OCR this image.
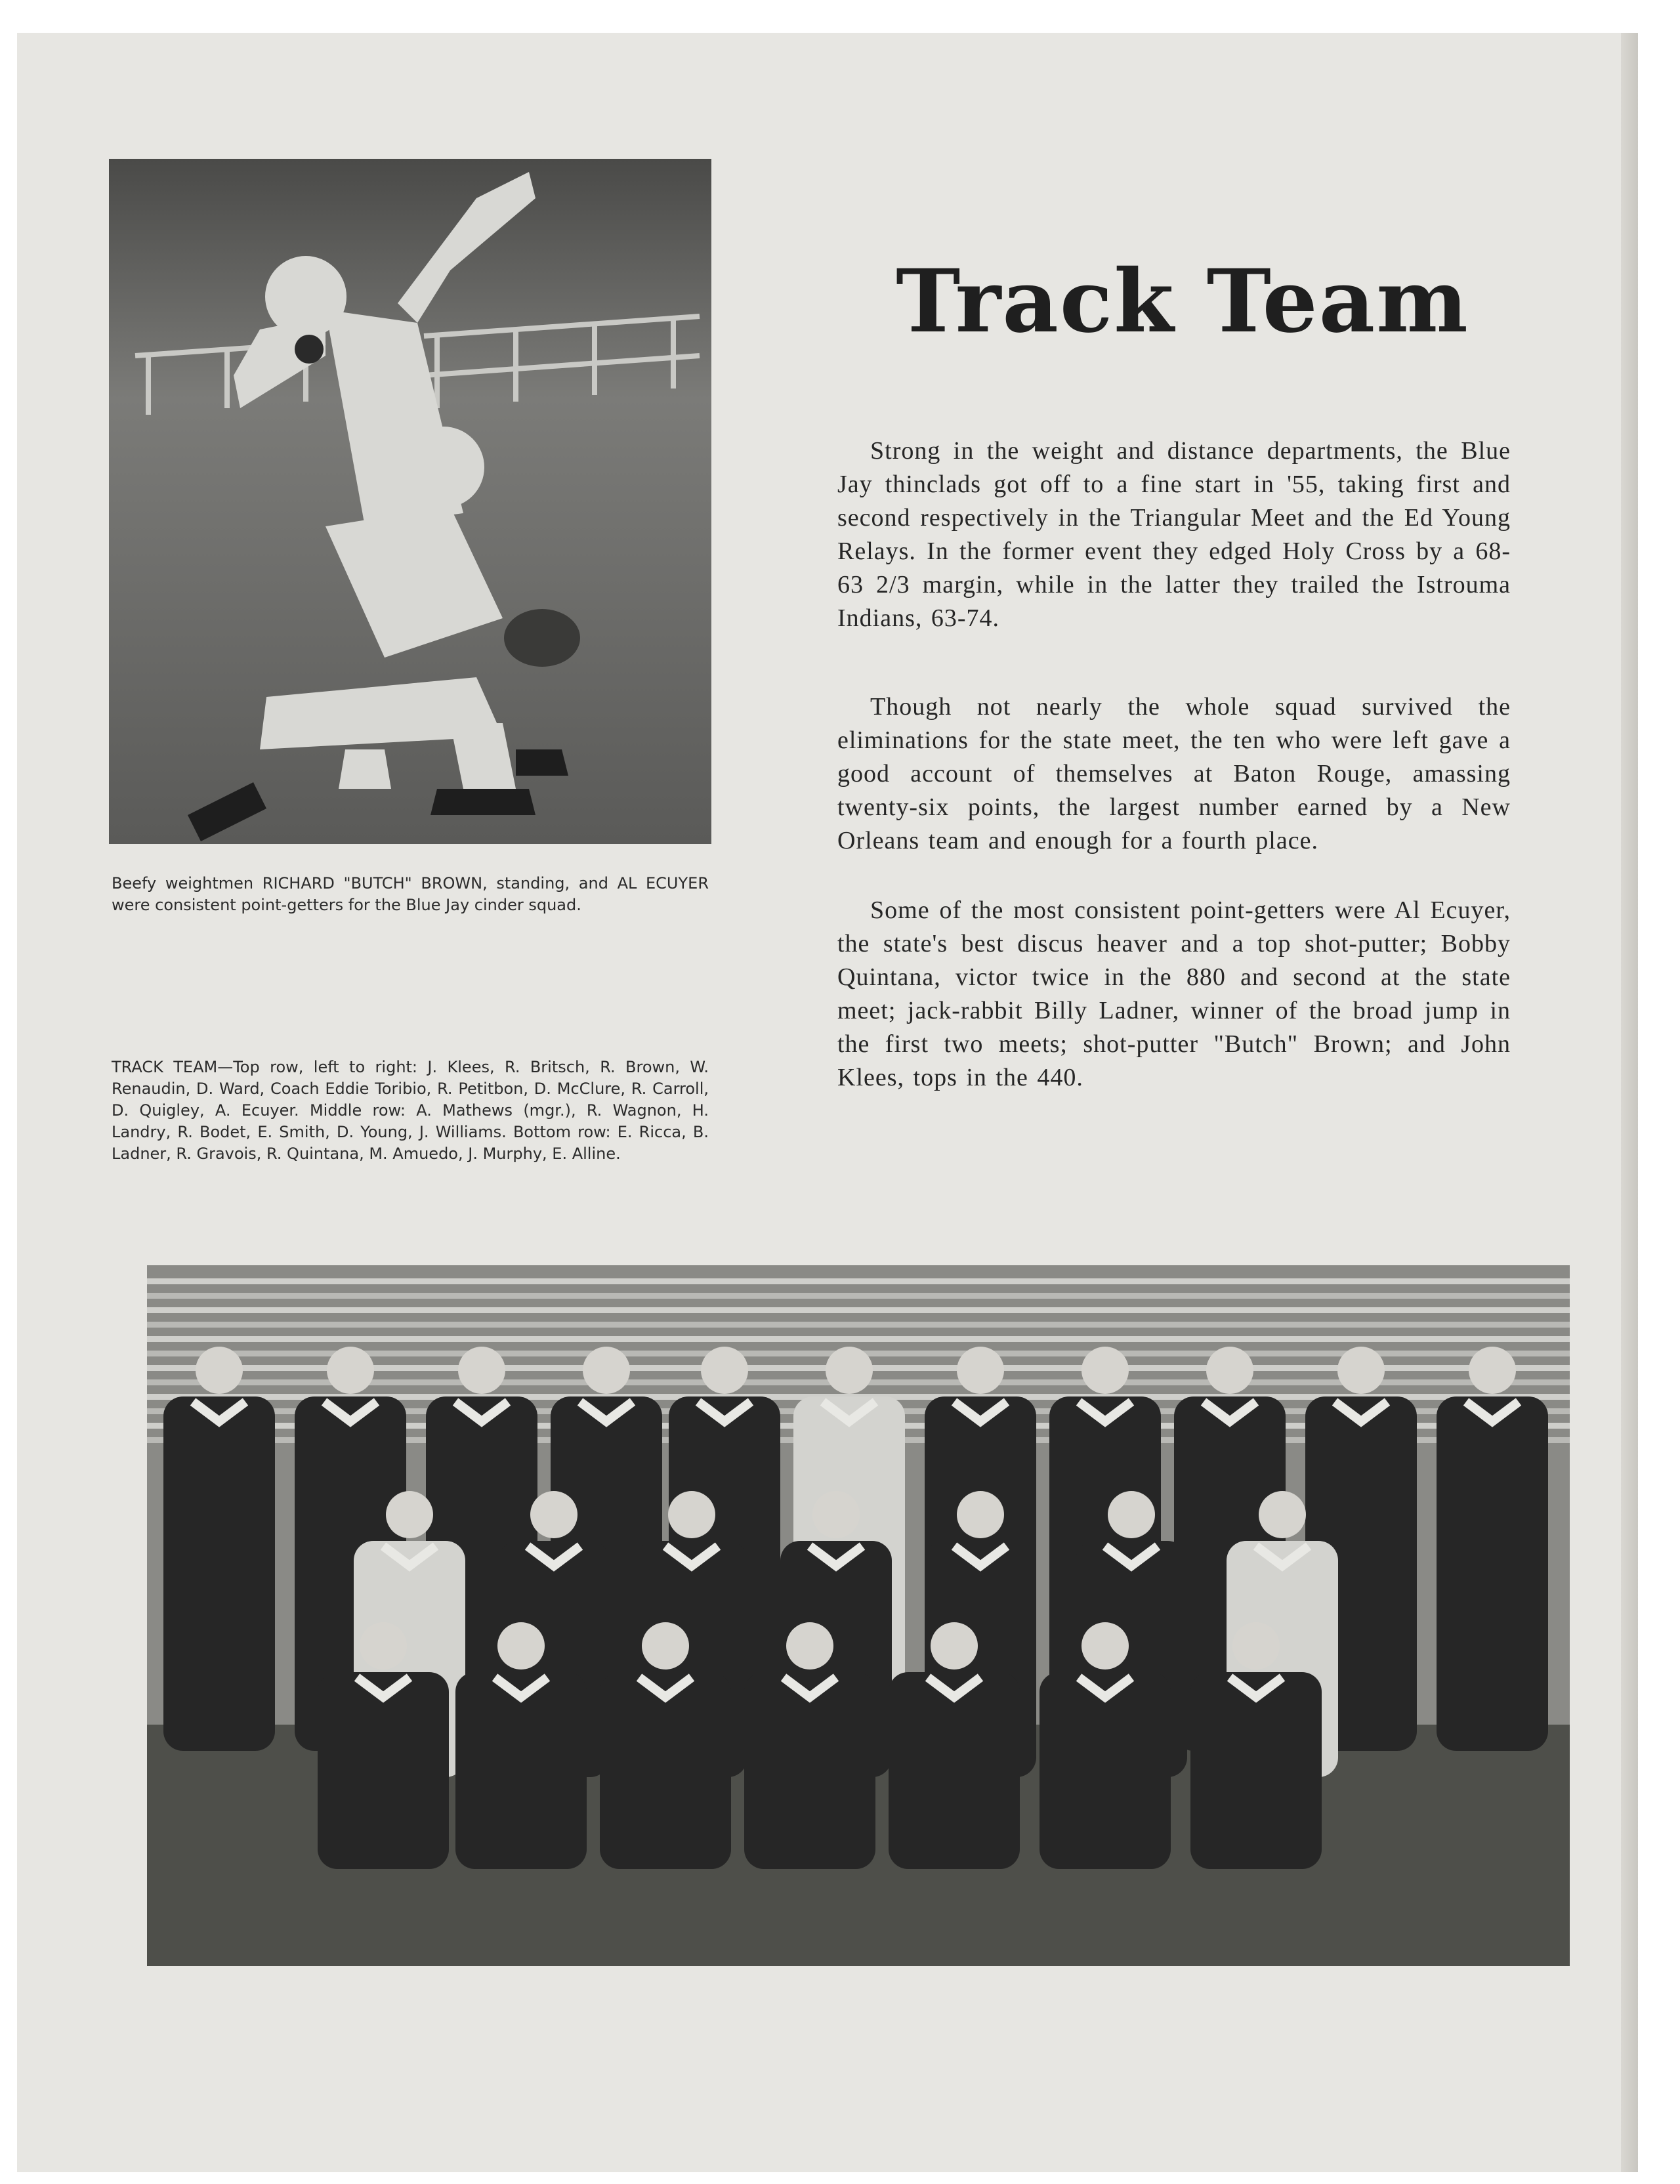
Beefy weightmen RICHARD "BUTCH" BROWN, standing, and AL ECUYER were consistent point-getters for the Blue Jay cinder squad.
TRACK TEAM—Top row, left to right: J. Klees, R. Britsch, R. Brown, W. Renaudin, D. Ward, Coach Eddie Toribio, R. Petitbon, D. McClure, R. Carroll, D. Quigley, A. Ecuyer. Middle row: A. Mathews (mgr.), R. Wagnon, H. Landry, R. Bodet, E. Smith, D. Young, J. Williams. Bottom row: E. Ricca, B. Ladner, R. Gravois, R. Quintana, M. Amuedo, J. Murphy, E. Alline.
Track Team

Strong in the weight and distance departments, the Blue Jay thinclads got off to a fine start in '55, taking first and second respectively in the Triangular Meet and the Ed Young Relays. In the former event they edged Holy Cross by a 68-63 2/3 margin, while in the latter they trailed the Istrouma Indians, 63-74.

Though not nearly the whole squad survived the eliminations for the state meet, the ten who were left gave a good account of themselves at Baton Rouge, amassing twenty-six points, the largest number earned by a New Orleans team and enough for a fourth place.

Some of the most consistent point-getters were Al Ecuyer, the state's best discus heaver and a top shot-putter; Bobby Quintana, victor twice in the 880 and second at the state meet; jack-rabbit Billy Ladner, winner of the broad jump in the first two meets; shot-putter "Butch" Brown; and John Klees, tops in the 440.
